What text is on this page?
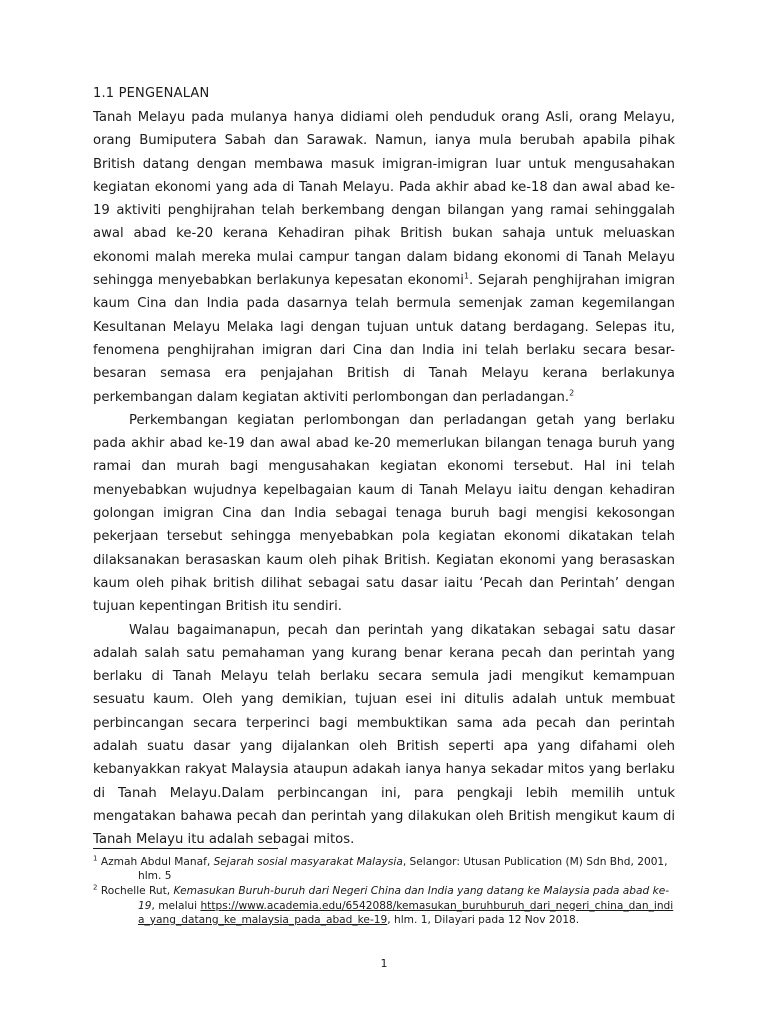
1.1 PENGENALAN

Tanah Melayu pada mulanya hanya didiami oleh penduduk orang Asli, orang Melayu, orang Bumiputera Sabah dan Sarawak. Namun, ianya mula berubah apabila pihak British datang dengan membawa masuk imigran-imigran luar untuk mengusahakan kegiatan ekonomi yang ada di Tanah Melayu. Pada akhir abad ke-18 dan awal abad ke-19 aktiviti penghijrahan telah berkembang dengan bilangan yang ramai sehinggalah awal abad ke-20 kerana Kehadiran pihak British bukan sahaja untuk meluaskan ekonomi malah mereka mulai campur tangan dalam bidang ekonomi di Tanah Melayu sehingga menyebabkan berlakunya kepesatan ekonomi$^1$. Sejarah penghijrahan imigran kaum Cina dan India pada dasarnya telah bermula semenjak zaman kegemilangan Kesultanan Melayu Melaka lagi dengan tujuan untuk datang berdagang. Selepas itu, fenomena penghijrahan imigran dari Cina dan India ini telah berlaku secara besar-besaran semasa era penjajahan British di Tanah Melayu kerana berlakunya perkembangan dalam kegiatan aktiviti perlombongan dan perladangan.$^2$

Perkembangan kegiatan perlombongan dan perladangan getah yang berlaku pada akhir abad ke-19 dan awal abad ke-20 memerlukan bilangan tenaga buruh yang ramai dan murah bagi mengusahakan kegiatan ekonomi tersebut. Hal ini telah menyebabkan wujudnya kepelbagaian kaum di Tanah Melayu iaitu dengan kehadiran golongan imigran Cina dan India sebagai tenaga buruh bagi mengisi kekosongan pekerjaan tersebut sehingga menyebabkan pola kegiatan ekonomi dikatakan telah dilaksanakan berasaskan kaum oleh pihak British. Kegiatan ekonomi yang berasaskan kaum oleh pihak british dilihat sebagai satu dasar iaitu ‘Pecah dan Perintah’ dengan tujuan kepentingan British itu sendiri.

Walau bagaimanapun, pecah dan perintah yang dikatakan sebagai satu dasar adalah salah satu pemahaman yang kurang benar kerana pecah dan perintah yang berlaku di Tanah Melayu telah berlaku secara semula jadi mengikut kemampuan sesuatu kaum. Oleh yang demikian, tujuan esei ini ditulis adalah untuk membuat perbincangan secara terperinci bagi membuktikan sama ada pecah dan perintah adalah suatu dasar yang dijalankan oleh British seperti apa yang difahami oleh kebanyakkan rakyat Malaysia ataupun adakah ianya hanya sekadar mitos yang berlaku di Tanah Melayu.Dalam perbincangan ini, para pengkaji lebih memilih untuk mengatakan bahawa pecah dan perintah yang dilakukan oleh British mengikut kaum di Tanah Melayu itu adalah sebagai mitos.

$^1$ Azmah Abdul Manaf, Sejarah sosial masyarakat Malaysia, Selangor: Utusan Publication (M) Sdn Bhd, 2001, hlm. 5

$^2$ Rochelle Rut, Kemasukan Buruh-buruh dari Negeri China dan India yang datang ke Malaysia pada abad ke-19, melalui https://www.academia.edu/6542088/kemasukan_buruhburuh_dari_negeri_china_dan_india_yang_datang_ke_malaysia_pada_abad_ke-19, hlm. 1, Dilayari pada 12 Nov 2018.

1
